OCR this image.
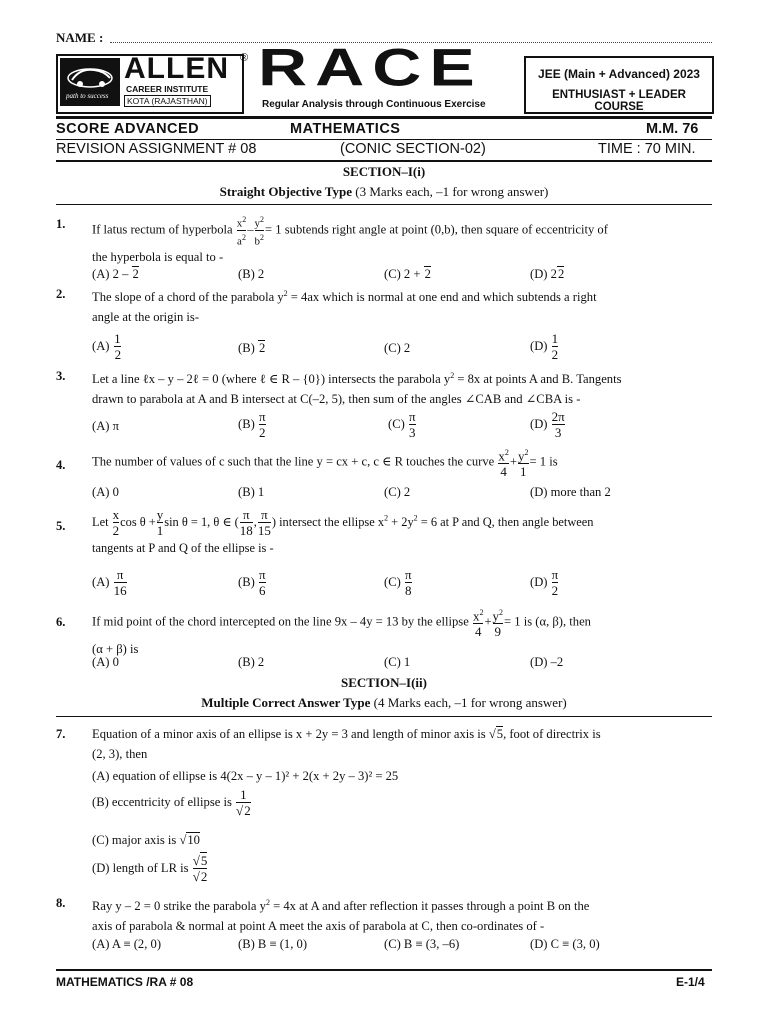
NAME :
path to success
ALLEN
CAREER INSTITUTE
KOTA (RAJASTHAN)
® RACE
Regular Analysis through Continuous Exercise
JEE (Main + Advanced) 2023
ENTHUSIAST + LEADER COURSE
SCORE ADVANCED	MATHEMATICS	M.M. 76
REVISION ASSIGNMENT # 08	(CONIC SECTION-02)	TIME : 70 MIN.
SECTION–I(i)
Straight Objective Type (3 Marks each, –1 for wrong answer)
1. If latus rectum of hyperbola $\frac{x^2}{a^2} - \frac{y^2}{b^2} = 1$ subtends right angle at point (0,b), then square of eccentricity of
the hyperbola is equal to -
(A) 2 – 2	(B) 2	(C) 2 + 2	(D) 22
2. The slope of a chord of the parabola $y^2 = 4ax$ which is normal at one end and which subtends a right
angle at the origin is-
$(A) \frac{1}{2}$	(B) 2	(C) 2	$(D) \frac{1}{2}$
3. Let a line ℓx – y – 2ℓ = 0 (where ℓ ∈ R – {0}) intersects the parabola $y^2 = 8x$ at points A and B. Tangents
drawn to parabola at A and B intersect at C(–2, 5), then sum of the angles ∠CAB and ∠CBA is -
(A) π	$(B) \frac{\pi}{2}$	$(C) \frac{\pi}{3}$	$(D) \frac{2\pi}{3}$
4. The number of values of c such that the line y = cx + c, c ∈ R touches the curve $\frac{x^2}{4} + \frac{y^2}{1} = 1$ is
(A) 0	(B) 1	(C) 2	(D) more than 2
5. Let $\frac{x}{2}$ $\cos \theta + \frac{y}{1}$ sin θ = 1, θ ∈ ( $\frac{\pi}{18}$ , $\frac{\pi}{15}$ ) intersect the ellipse $x^2 + 2y^2 = 6$ at P and Q, then angle between
tangents at P and Q of the ellipse is -
$(A) \frac{\pi}{16}$	$(B) \frac{\pi}{6}$	$(C) \frac{\pi}{8}$	$(D) \frac{\pi}{2}$
6. If mid point of the chord intercepted on the line 9x – 4y = 13 by the ellipse $\frac{x^2}{4} + \frac{y^2}{9} = 1$ is (α, β), then
(α + β) is
(A) 0	(B) 2	(C) 1	(D) –2
SECTION–I(ii)
Multiple Correct Answer Type (4 Marks each, –1 for wrong answer)
7. Equation of a minor axis of an ellipse is x + 2y = 3 and length of minor axis is √5, foot of directrix is
(2, 3), then
(A) equation of ellipse is 4(2x – y – 1)² + 2(x + 2y – 3)² = 25
(B) eccentricity of ellipse is $\frac{1}{√2}$
(C) major axis is √10
(D) length of LR is $\frac{√5}{√2}$
8. Ray y – 2 = 0 strike the parabola $y^2 = 4x$ at A and after reflection it passes through a point B on the
axis of parabola & normal at point A meet the axis of parabola at C, then co-ordinates of -
(A) A ≡ (2, 0)	(B) B ≡ (1, 0)	(C) B ≡ (3, –6)	(D) C ≡ (3, 0)
MATHEMATICS /RA # 08	E-1/4
